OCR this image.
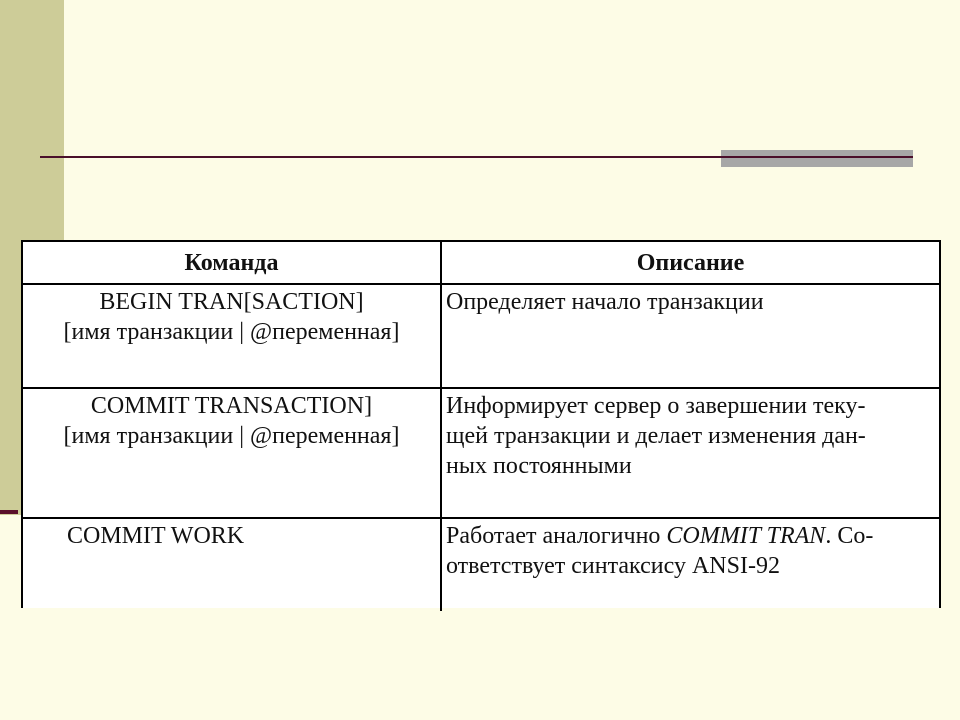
Команда	Описание

BEGIN TRAN[SACTION]
[имя транзакции | @переменная]	Определяет начало транзакции

COMMIT TRANSACTION]
[имя транзакции | @переменная]	Информирует сервер о завершении теку-
щей транзакции и делает изменения дан-
ных постоянными

COMMIT WORK	Работает аналогично COMMIT TRAN. Со-
ответствует синтаксису ANSI-92
